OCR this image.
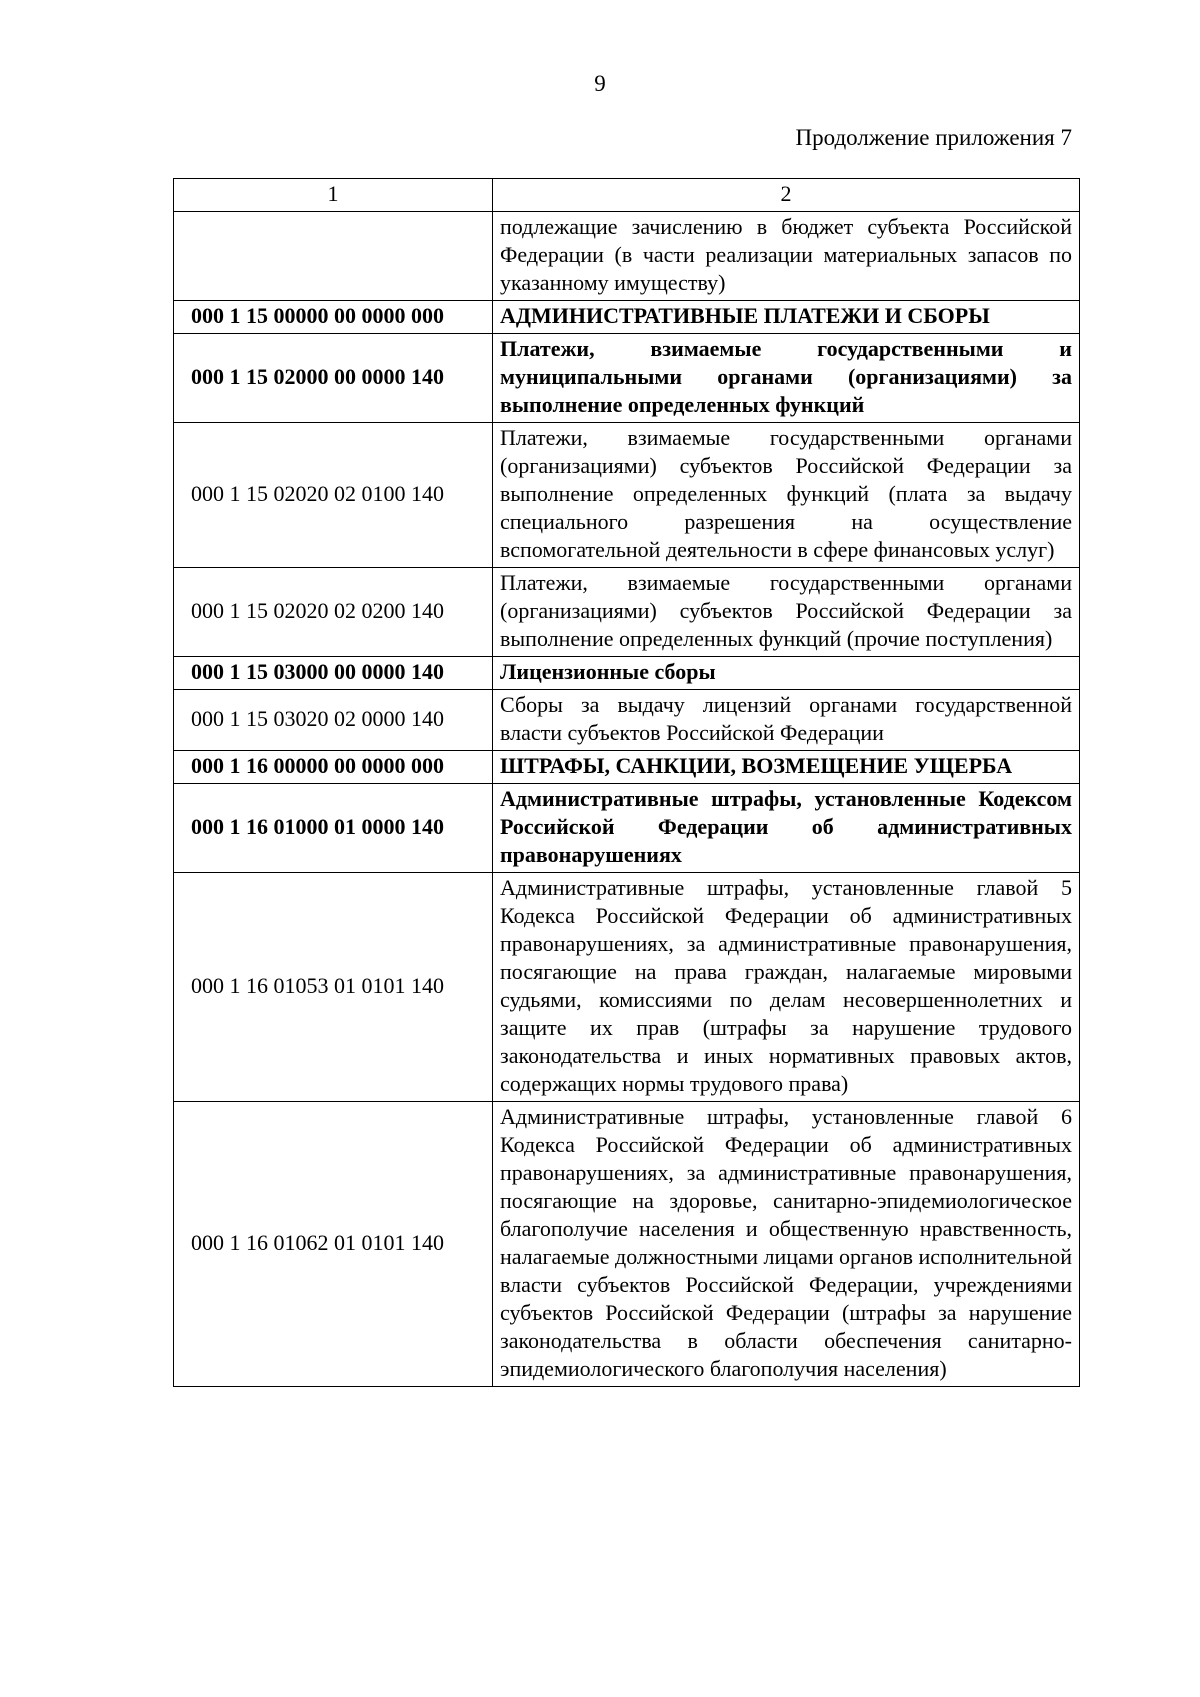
9
Продолжение приложения 7
1	2
	подлежащие зачислению в бюджет субъекта Российской Федерации (в части реализации материальных запасов по указанному имуществу)
000 1 15 00000 00 0000 000	АДМИНИСТРАТИВНЫЕ ПЛАТЕЖИ И СБОРЫ
000 1 15 02000 00 0000 140	Платежи, взимаемые государственными и муниципальными органами (организациями) за выполнение определенных функций
000 1 15 02020 02 0100 140	Платежи, взимаемые государственными органами (организациями) субъектов Российской Федерации за выполнение определенных функций (плата за выдачу специального разрешения на осуществление вспомогательной деятельности в сфере финансовых услуг)
000 1 15 02020 02 0200 140	Платежи, взимаемые государственными органами (организациями) субъектов Российской Федерации за выполнение определенных функций (прочие поступления)
000 1 15 03000 00 0000 140	Лицензионные сборы
000 1 15 03020 02 0000 140	Сборы за выдачу лицензий органами государственной власти субъектов Российской Федерации
000 1 16 00000 00 0000 000	ШТРАФЫ, САНКЦИИ, ВОЗМЕЩЕНИЕ УЩЕРБА
000 1 16 01000 01 0000 140	Административные штрафы, установленные Кодексом Российской Федерации об административных правонарушениях
000 1 16 01053 01 0101 140	Административные штрафы, установленные главой 5 Кодекса Российской Федерации об административных правонарушениях, за административные правонарушения, посягающие на права граждан, налагаемые мировыми судьями, комиссиями по делам несовершеннолетних и защите их прав (штрафы за нарушение трудового законодательства и иных нормативных правовых актов, содержащих нормы трудового права)
000 1 16 01062 01 0101 140	Административные штрафы, установленные главой 6 Кодекса Российской Федерации об административных правонарушениях, за административные правонарушения, посягающие на здоровье, санитарно-эпидемиологическое благополучие населения и общественную нравственность, налагаемые должностными лицами органов исполнительной власти субъектов Российской Федерации, учреждениями субъектов Российской Федерации (штрафы за нарушение законодательства в области обеспечения санитарно-эпидемиологического благополучия населения)
